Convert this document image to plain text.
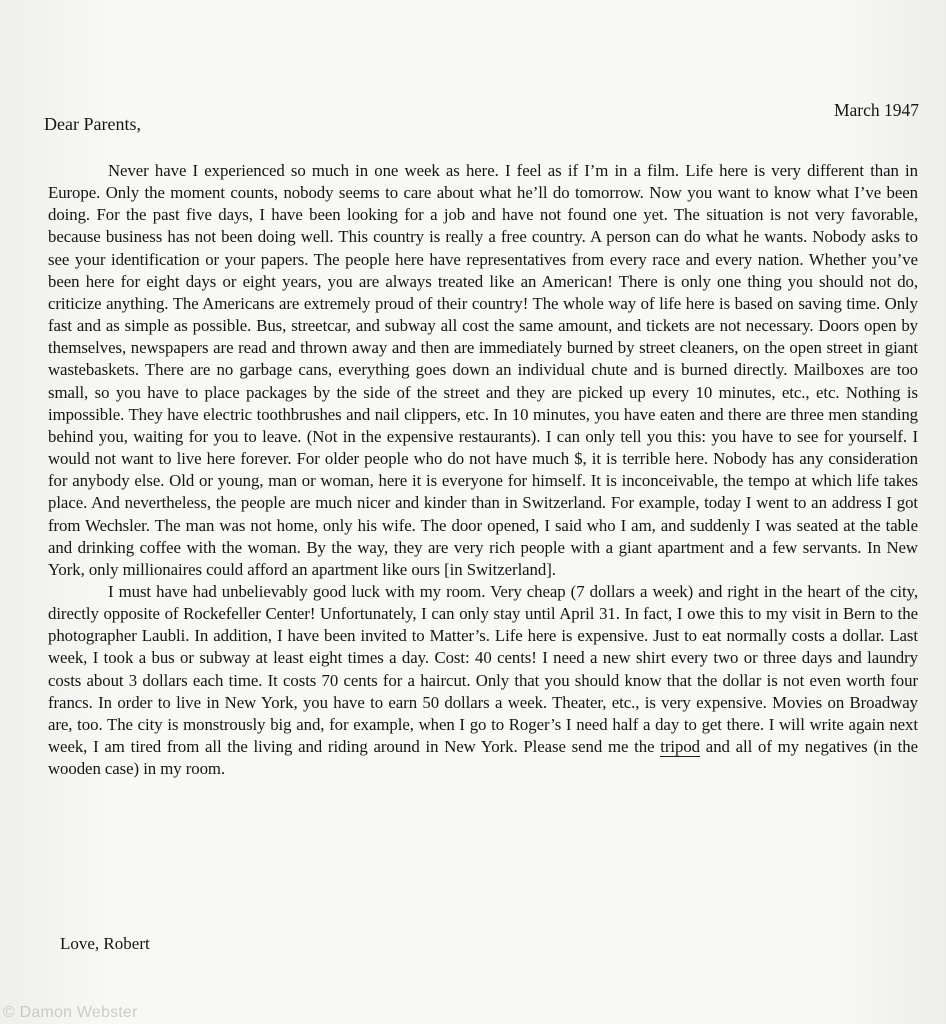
March 1947
Dear Parents,

Never have I experienced so much in one week as here. I feel as if I’m in a film. Life here is very different than in Europe. Only the moment counts, nobody seems to care about what he’ll do tomorrow. Now you want to know what I’ve been doing. For the past five days, I have been looking for a job and have not found one yet. The situation is not very favorable, because business has not been doing well. This country is really a free country. A person can do what he wants. Nobody asks to see your identification or your papers. The people here have representatives from every race and every nation. Whether you’ve been here for eight days or eight years, you are always treated like an American! There is only one thing you should not do, criticize anything. The Americans are extremely proud of their country! The whole way of life here is based on saving time. Only fast and as simple as possible. Bus, streetcar, and subway all cost the same amount, and tickets are not necessary. Doors open by themselves, newspapers are read and thrown away and then are immediately burned by street cleaners, on the open street in giant wastebaskets. There are no garbage cans, everything goes down an individual chute and is burned directly. Mailboxes are too small, so you have to place packages by the side of the street and they are picked up every 10 minutes, etc., etc. Nothing is impossible. They have electric toothbrushes and nail clippers, etc. In 10 minutes, you have eaten and there are three men standing behind you, waiting for you to leave. (Not in the expensive restaurants). I can only tell you this: you have to see for yourself. I would not want to live here forever. For older people who do not have much $, it is terrible here. Nobody has any consideration for anybody else. Old or young, man or woman, here it is everyone for himself. It is inconceivable, the tempo at which life takes place. And nevertheless, the people are much nicer and kinder than in Switzerland. For example, today I went to an address I got from Wechsler. The man was not home, only his wife. The door opened, I said who I am, and suddenly I was seated at the table and drinking coffee with the woman. By the way, they are very rich people with a giant apartment and a few servants. In New York, only millionaires could afford an apartment like ours [in Switzerland].

I must have had unbelievably good luck with my room. Very cheap (7 dollars a week) and right in the heart of the city, directly opposite of Rockefeller Center! Unfortunately, I can only stay until April 31. In fact, I owe this to my visit in Bern to the photographer Laubli. In addition, I have been invited to Matter’s. Life here is expensive. Just to eat normally costs a dollar. Last week, I took a bus or subway at least eight times a day. Cost: 40 cents! I need a new shirt every two or three days and laundry costs about 3 dollars each time. It costs 70 cents for a haircut. Only that you should know that the dollar is not even worth four francs. In order to live in New York, you have to earn 50 dollars a week. Theater, etc., is very expensive. Movies on Broadway are, too. The city is monstrously big and, for example, when I go to Roger’s I need half a day to get there. I will write again next week, I am tired from all the living and riding around in New York. Please send me the tripod and all of my negatives (in the wooden case) in my room.

Love, Robert
© Damon Webster
